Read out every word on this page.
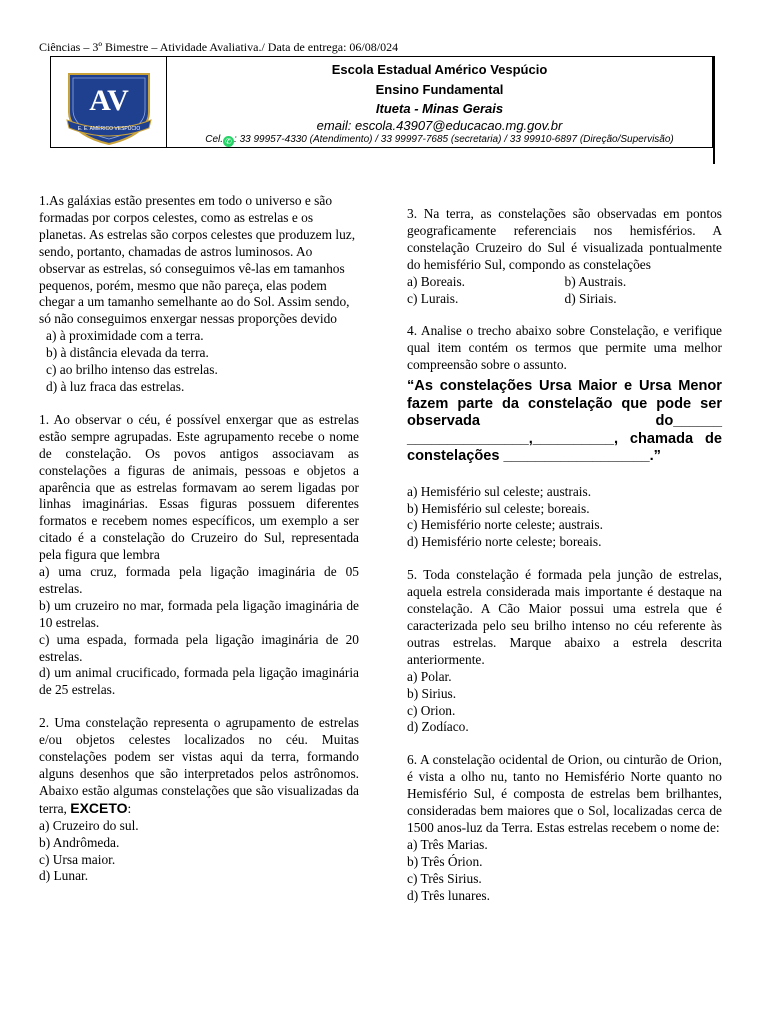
Ciências – 3º Bimestre – Atividade Avaliativa./ Data de entrega: 06/08/024
AV
E. E. AMÉRICO VESPÚCIO
Escola Estadual Américo Vespúcio
Ensino Fundamental
Itueta - Minas Gerais
email: escola.43907@educacao.mg.gov.br
Cel. ✆ : 33 99957-4330 (Atendimento) / 33 99997-7685 (secretaria) / 33 99910-6897 (Direção/Supervisão)
1.As galáxias estão presentes em todo o universo e são formadas por corpos celestes, como as estrelas e os planetas. As estrelas são corpos celestes que produzem luz, sendo, portanto, chamadas de astros luminosos. Ao observar as estrelas, só conseguimos vê-las em tamanhos pequenos, porém, mesmo que não pareça, elas podem chegar a um tamanho semelhante ao do Sol. Assim sendo, só não conseguimos enxergar nessas proporções devido
a) à proximidade com a terra.
b) à distância elevada da terra.
c) ao brilho intenso das estrelas.
d) à luz fraca das estrelas.
1. Ao observar o céu, é possível enxergar que as estrelas estão sempre agrupadas. Este agrupamento recebe o nome de constelação. Os povos antigos associavam as constelações a figuras de animais, pessoas e objetos a aparência que as estrelas formavam ao serem ligadas por linhas imaginárias. Essas figuras possuem diferentes formatos e recebem nomes específicos, um exemplo a ser citado é a constelação do Cruzeiro do Sul, representada pela figura que lembra
a) uma cruz, formada pela ligação imaginária de 05 estrelas.
b) um cruzeiro no mar, formada pela ligação imaginária de 10 estrelas.
c) uma espada, formada pela ligação imaginária de 20 estrelas.
d) um animal crucificado, formada pela ligação imaginária de 25 estrelas.
2. Uma constelação representa o agrupamento de estrelas e/ou objetos celestes localizados no céu. Muitas constelações podem ser vistas aqui da terra, formando alguns desenhos que são interpretados pelos astrônomos. Abaixo estão algumas constelações que são visualizadas da terra, EXCETO:
a) Cruzeiro do sul.
b) Andrômeda.
c) Ursa maior.
d) Lunar.
3. Na terra, as constelações são observadas em pontos geograficamente referenciais nos hemisférios. A constelação Cruzeiro do Sul é visualizada pontualmente do hemisfério Sul, compondo as constelações
a) Boreais.	b) Austrais.
c) Lurais.	d) Siriais.
4. Analise o trecho abaixo sobre Constelação, e verifique qual item contém os termos que permite uma melhor compreensão sobre o assunto.
“As constelações Ursa Maior e Ursa Menor fazem parte da constelação que pode ser observada do______ _______________,__________, chamada de constelações __________________.”
a) Hemisfério sul celeste; austrais.
b) Hemisfério sul celeste; boreais.
c) Hemisfério norte celeste; austrais.
d) Hemisfério norte celeste; boreais.
5. Toda constelação é formada pela junção de estrelas, aquela estrela considerada mais importante é destaque na constelação. A Cão Maior possui uma estrela que é caracterizada pelo seu brilho intenso no céu referente às outras estrelas. Marque abaixo a estrela descrita anteriormente.
a) Polar.
b) Sirius.
c) Orion.
d) Zodíaco.
6. A constelação ocidental de Orion, ou cinturão de Orion, é vista a olho nu, tanto no Hemisfério Norte quanto no Hemisfério Sul, é composta de estrelas bem brilhantes, consideradas bem maiores que o Sol, localizadas cerca de 1500 anos-luz da Terra. Estas estrelas recebem o nome de:
a) Três Marias.
b) Três Órion.
c) Três Sirius.
d) Três lunares.
